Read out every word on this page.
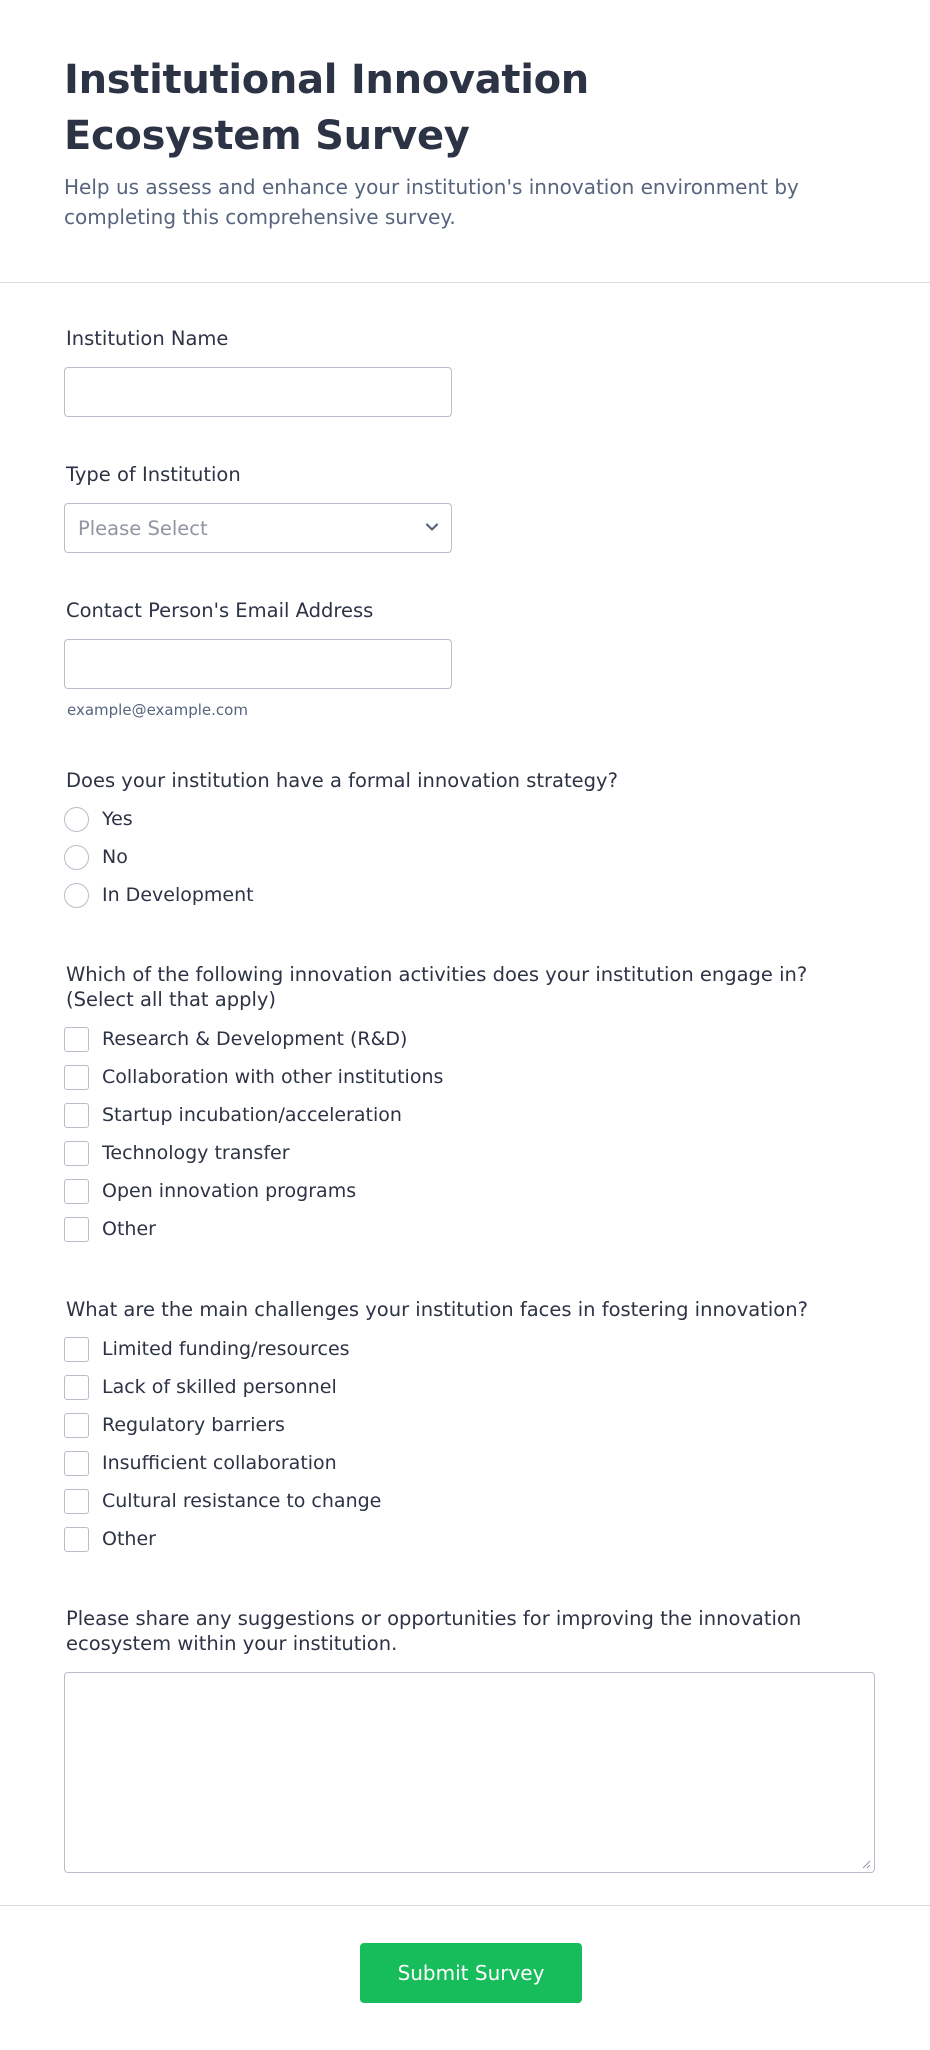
Institutional Innovation Ecosystem Survey

Help us assess and enhance your institution's innovation environment by completing this comprehensive survey.

Institution Name
Type of Institution
Please Select
Contact Person's Email Address
example@example.com
Does your institution have a formal innovation strategy?
Yes
No
In Development
Which of the following innovation activities does your institution engage in? (Select all that apply)
Research & Development (R&D)
Collaboration with other institutions
Startup incubation/acceleration
Technology transfer
Open innovation programs
Other
What are the main challenges your institution faces in fostering innovation?
Limited funding/resources
Lack of skilled personnel
Regulatory barriers
Insufficient collaboration
Cultural resistance to change
Other
Please share any suggestions or opportunities for improving the innovation ecosystem within your institution.
Submit Survey
